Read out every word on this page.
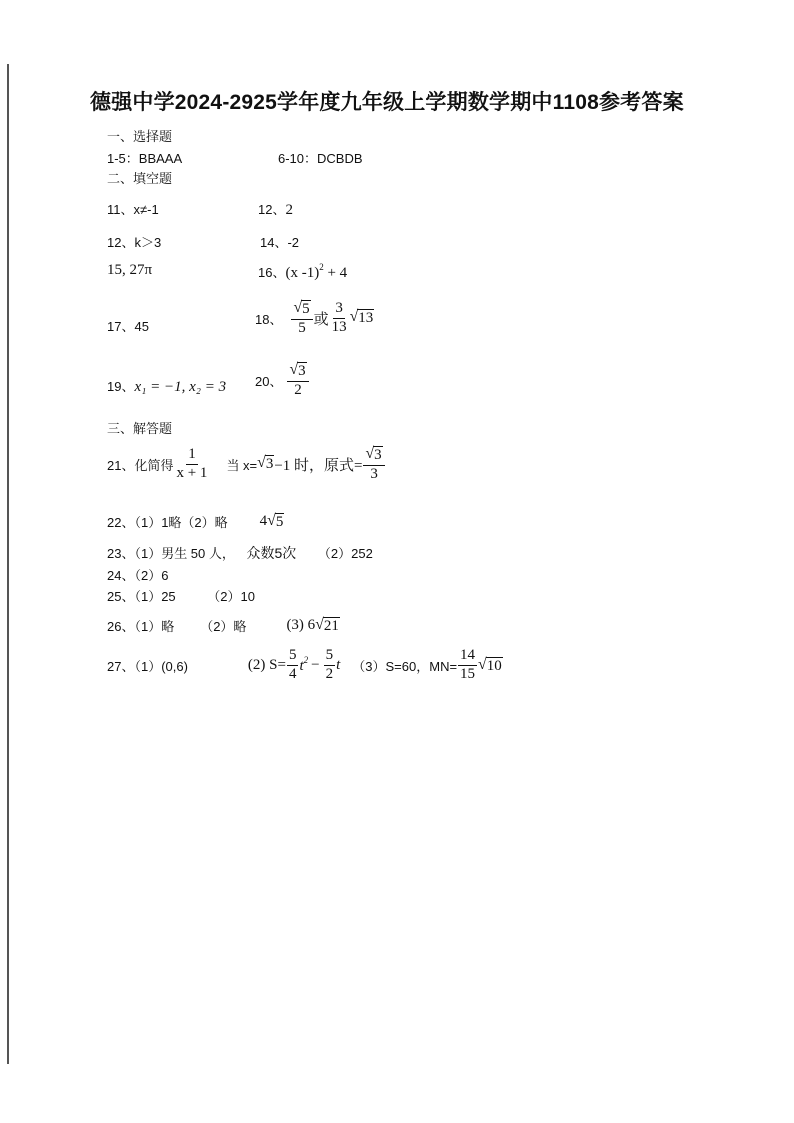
德强中学2024-2925学年度九年级上学期数学期中1108参考答案
一、选择题
1-5：BBAAA	6-10：DCBDB
二、填空题
11、x≠-1	12、2
12、k＞3	14、-2
15, 27π	16、(x -1)$^2$ + 4
17、45	18、 $\frac{√ 5}{5}$ 或 $\frac{3}{13}$ √ 13
19、x₁ = −1, x₂ = 3 20、 $\frac{√ 3}{2}$
三、解答题
21、化简得 $\frac{1}{x + 1}$ 当 x= √ 3 −1 时，原式= $\frac{√ 3}{3}$
22、（1）1略（2）略 4 √ 5
23、（1）男生 50 人， 众数5次 （2）252
24、（2）6
25、（1）25 （2）10
26、（1）略 （2）略	(3) 6 √ 21
27、（1）(0,6)	(2) $S= \frac{5}{4} t^2 - \frac{5}{2}$ t （3）S=60，$MN= \frac{14}{15}$ √ 10
